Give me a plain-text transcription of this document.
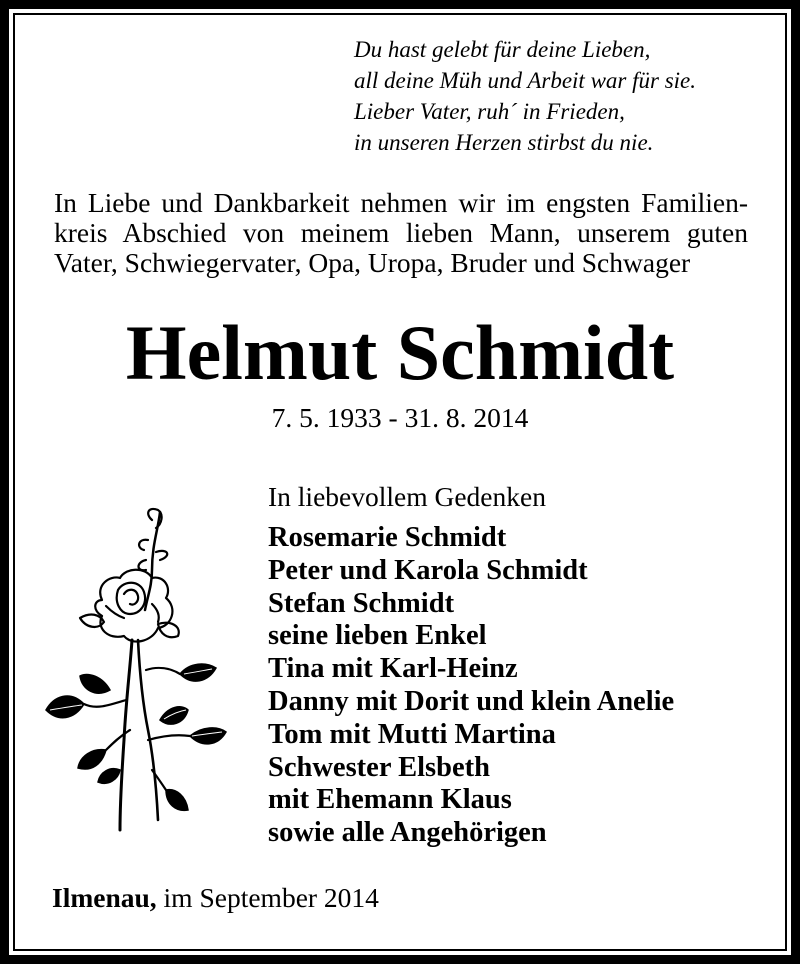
Du hast gelebt für deine Lieben,
all deine Müh und Arbeit war für sie.
Lieber Vater, ruh´ in Frieden,
in unseren Herzen stirbst du nie.
In Liebe und Dankbarkeit nehmen wir im engsten Familien-
kreis Abschied von meinem lieben Mann, unserem guten
Vater, Schwiegervater, Opa, Uropa, Bruder und Schwager
Helmut Schmidt
7. 5. 1933 - 31. 8. 2014
In liebevollem Gedenken
Rosemarie Schmidt
Peter und Karola Schmidt
Stefan Schmidt
seine lieben Enkel
Tina mit Karl-Heinz
Danny mit Dorit und klein Anelie
Tom mit Mutti Martina
Schwester Elsbeth
mit Ehemann Klaus
sowie alle Angehörigen
Ilmenau, im September 2014
